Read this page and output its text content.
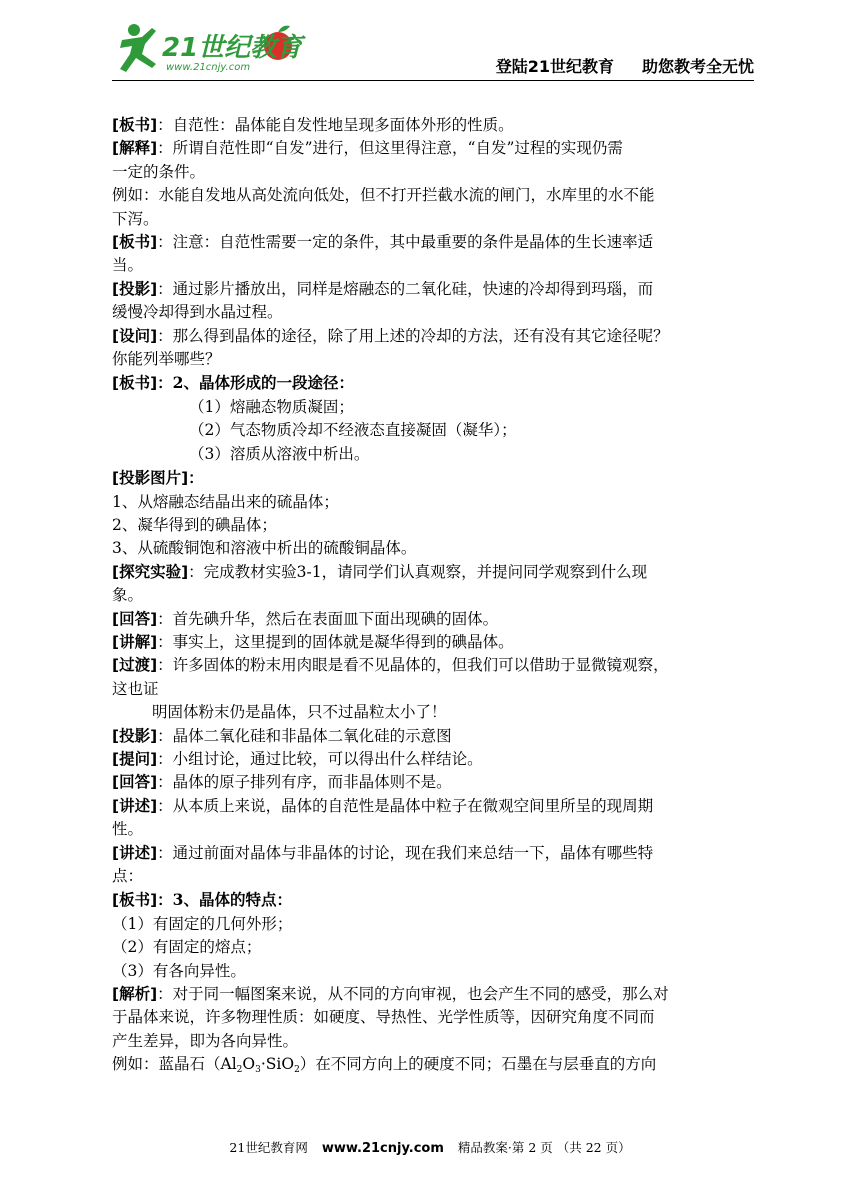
21世纪教育
www.21cnjy.com	登陆21世纪教育 助您教考全无忧
[板书]：自范性：晶体能自发性地呈现多面体外形的性质。
[解释]：所谓自范性即“自发”进行，但这里得注意，“自发”过程的实现仍需
一定的条件。
例如：水能自发地从高处流向低处，但不打开拦截水流的闸门，水库里的水不能
下泻。
[板书]：注意：自范性需要一定的条件，其中最重要的条件是晶体的生长速率适
当。
[投影]：通过影片播放出，同样是熔融态的二氧化硅，快速的冷却得到玛瑙，而
缓慢冷却得到水晶过程。
[设问]：那么得到晶体的途径，除了用上述的冷却的方法，还有没有其它途径呢？
你能列举哪些？
[板书]：2、晶体形成的一段途径：
（1）熔融态物质凝固；
（2）气态物质冷却不经液态直接凝固（凝华）；
（3）溶质从溶液中析出。
[投影图片]：
1、从熔融态结晶出来的硫晶体；
2、凝华得到的碘晶体；
3、从硫酸铜饱和溶液中析出的硫酸铜晶体。
[探究实验]：完成教材实验3-1，请同学们认真观察，并提问同学观察到什么现
象。
[回答]：首先碘升华，然后在表面皿下面出现碘的固体。
[讲解]：事实上，这里提到的固体就是凝华得到的碘晶体。
[过渡]：许多固体的粉末用肉眼是看不见晶体的，但我们可以借助于显微镜观察，
这也证
明固体粉末仍是晶体，只不过晶粒太小了！
[投影]：晶体二氧化硅和非晶体二氧化硅的示意图
[提问]：小组讨论，通过比较，可以得出什么样结论。
[回答]：晶体的原子排列有序，而非晶体则不是。
[讲述]：从本质上来说，晶体的自范性是晶体中粒子在微观空间里所呈的现周期
性。
[讲述]：通过前面对晶体与非晶体的讨论，现在我们来总结一下，晶体有哪些特
点：
[板书]：3、晶体的特点：
（1）有固定的几何外形；
（2）有固定的熔点；
（3）有各向异性。
[解析]：对于同一幅图案来说，从不同的方向审视，也会产生不同的感受，那么对
于晶体来说，许多物理性质：如硬度、导热性、光学性质等，因研究角度不同而
产生差异，即为各向异性。
例如：蓝晶石$(Al_2O_3\cdot SiO_2)$在不同方向上的硬度不同；石墨在与层垂直的方向
21世纪教育网 www.21cnjy.com 精品教案·第 2 页 （共 22 页）
